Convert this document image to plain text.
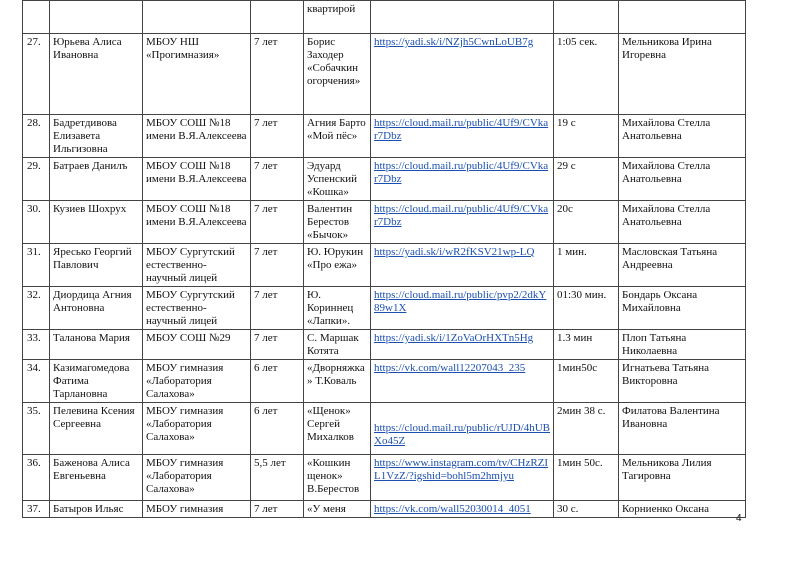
				квартирой			
27.	Юрьева Алиса Ивановна	МБОУ НШ «Прогимназия»	7 лет	Борис Заходер «Собачкин огорчения»	https://yadi.sk/i/NZjh5CwnLoUB7g	1:05 сек.	Мельникова Ирина Игоревна
28.	Бадретдивова Елизавета Ильгизовна	МБОУ СОШ №18 имени В.Я.Алексеева	7 лет	Агния Барто «Мой пёс»	https://cloud.mail.ru/public/4Uf9/CVkar7Dbz	19 с	Михайлова Стелла Анатольевна
29.	Батраев Данилъ	МБОУ СОШ №18 имени В.Я.Алексеева	7 лет	Эдуард Успенский «Кошка»	https://cloud.mail.ru/public/4Uf9/CVkar7Dbz	29 с	Михайлова Стелла Анатольевна
30.	Кузиев Шохрух	МБОУ СОШ №18 имени В.Я.Алексеева	7 лет	Валентин Берестов «Бычок»	https://cloud.mail.ru/public/4Uf9/CVkar7Dbz	20с	Михайлова Стелла Анатольевна
31.	Яресько Георгий Павлович	МБОУ Сургутский естественно-научный лицей	7 лет	Ю. Юрукин «Про ежа»	https://yadi.sk/i/wR2fKSV21wp-LQ	1 мин.	Масловская Татьяна Андреевна
32.	Диордица Агния Антоновна	МБОУ Сургутский естественно-научный лицей	7 лет	Ю. Кориннец «Лапки».	https://cloud.mail.ru/public/pvp2/2dkY89w1X	01:30 мин.	Бондарь Оксана Михайловна
33.	Таланова Мария	МБОУ СОШ №29	7 лет	С. Маршак Котята	https://yadi.sk/i/1ZoVaOrHXTn5Hg	1.3 мин	Плоп Татьяна Николаевна
34.	Казимагомедова Фатима Тарлановна	МБОУ гимназия «Лаборатория Салахова»	6 лет	«Дворняжка» Т.Коваль	https://vk.com/wall12207043_235	1мин50с	Игнатьева Татьяна Викторовна
35.	Пелевина Ксения Сергеевна	МБОУ гимназия «Лаборатория Салахова»	6 лет	«Щенок» Сергей Михалков	https://cloud.mail.ru/public/rUJD/4hUBXo45Z	2мин 38 с.	Филатова Валентина Ивановна
36.	Баженова Алиса Евгеньевна	МБОУ гимназия «Лаборатория Салахова»	5,5 лет	«Кошкин щенок» В.Берестов	https://www.instagram.com/tv/CHzRZIL1VzZ/?igshid=bohl5m2hmjyu	1мин 50с.	Мельникова Лилия Тагировна
37.	Батыров Ильяс	МБОУ гимназия	7 лет	«У меня	https://vk.com/wall52030014_4051	30 с.	Корниенко Оксана
4
